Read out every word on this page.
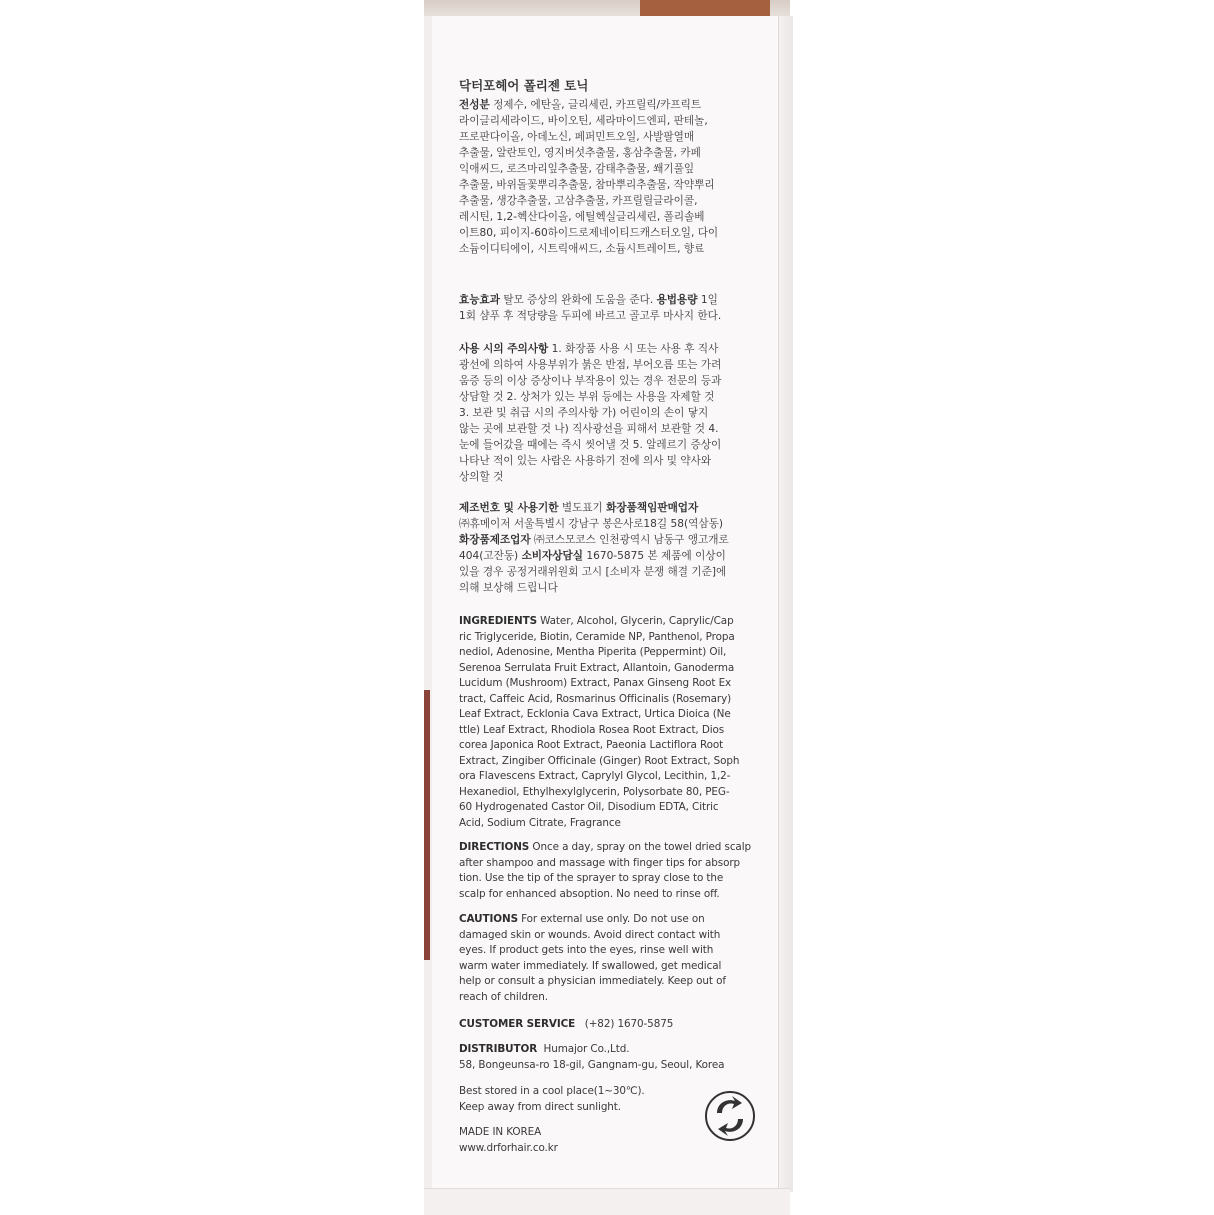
닥터포헤어 폴리젠 토닉
전성분 정제수, 에탄올, 글리세린, 카프릴릭/카프릭트
라이글리세라이드, 바이오틴, 세라마이드엔피, 판테놀,
프로판다이올, 아데노신, 페퍼민트오일, 사발팔열매
추출물, 알란토인, 영지버섯추출물, 홍삼추출물, 카페
익애씨드, 로즈마리잎추출물, 감태추출물, 쐐기풀잎
추출물, 바위돌꽃뿌리추출물, 참마뿌리추출물, 작약뿌리
추출물, 생강추출물, 고삼추출물, 카프릴릴글라이콜,
레시틴, 1,2-헥산다이올, 에틸헥실글리세린, 폴리솔베
이트80, 피이지-60하이드로제네이티드캐스터오일, 다이
소듐이디티에이, 시트릭애씨드, 소듐시트레이트, 향료
효능효과 탈모 증상의 완화에 도움을 준다. 용법용량 1일
1회 샴푸 후 적당량을 두피에 바르고 골고루 마사지 한다.
사용 시의 주의사항 1. 화장품 사용 시 또는 사용 후 직사
광선에 의하여 사용부위가 붉은 반점, 부어오름 또는 가려
움증 등의 이상 증상이나 부작용이 있는 경우 전문의 등과
상담할 것 2. 상처가 있는 부위 등에는 사용을 자제할 것
3. 보관 및 취급 시의 주의사항 가) 어린이의 손이 닿지
않는 곳에 보관할 것 나) 직사광선을 피해서 보관할 것 4.
눈에 들어갔을 때에는 즉시 씻어낼 것 5. 알레르기 증상이
나타난 적이 있는 사람은 사용하기 전에 의사 및 약사와
상의할 것
제조번호 및 사용기한 별도표기 화장품책임판매업자
㈜휴메이저 서울특별시 강남구 봉은사로18길 58(역삼동)
화장품제조업자 ㈜코스모코스 인천광역시 남동구 앵고개로
404(고잔동) 소비자상담실 1670-5875 본 제품에 이상이
있을 경우 공정거래위원회 고시 [소비자 분쟁 해결 기준]에
의해 보상해 드립니다
INGREDIENTS Water, Alcohol, Glycerin, Caprylic/Cap
ric Triglyceride, Biotin, Ceramide NP, Panthenol, Propa
nediol, Adenosine, Mentha Piperita (Peppermint) Oil,
Serenoa Serrulata Fruit Extract, Allantoin, Ganoderma
Lucidum (Mushroom) Extract, Panax Ginseng Root Ex
tract, Caffeic Acid, Rosmarinus Officinalis (Rosemary)
Leaf Extract, Ecklonia Cava Extract, Urtica Dioica (Ne
ttle) Leaf Extract, Rhodiola Rosea Root Extract, Dios
corea Japonica Root Extract, Paeonia Lactiflora Root
Extract, Zingiber Officinale (Ginger) Root Extract, Soph
ora Flavescens Extract, Caprylyl Glycol, Lecithin, 1,2-
Hexanediol, Ethylhexylglycerin, Polysorbate 80, PEG-
60 Hydrogenated Castor Oil, Disodium EDTA, Citric
Acid, Sodium Citrate, Fragrance
DIRECTIONS Once a day, spray on the towel dried scalp
after shampoo and massage with finger tips for absorp
tion. Use the tip of the sprayer to spray close to the
scalp for enhanced absoption. No need to rinse off.
CAUTIONS For external use only. Do not use on
damaged skin or wounds. Avoid direct contact with
eyes. If product gets into the eyes, rinse well with
warm water immediately. If swallowed, get medical
help or consult a physician immediately. Keep out of
reach of children.
CUSTOMER SERVICE (+82) 1670-5875
DISTRIBUTOR Humajor Co.,Ltd.
58, Bongeunsa-ro 18-gil, Gangnam-gu, Seoul, Korea
Best stored in a cool place(1~30℃).
Keep away from direct sunlight.
MADE IN KOREA
www.drforhair.co.kr
